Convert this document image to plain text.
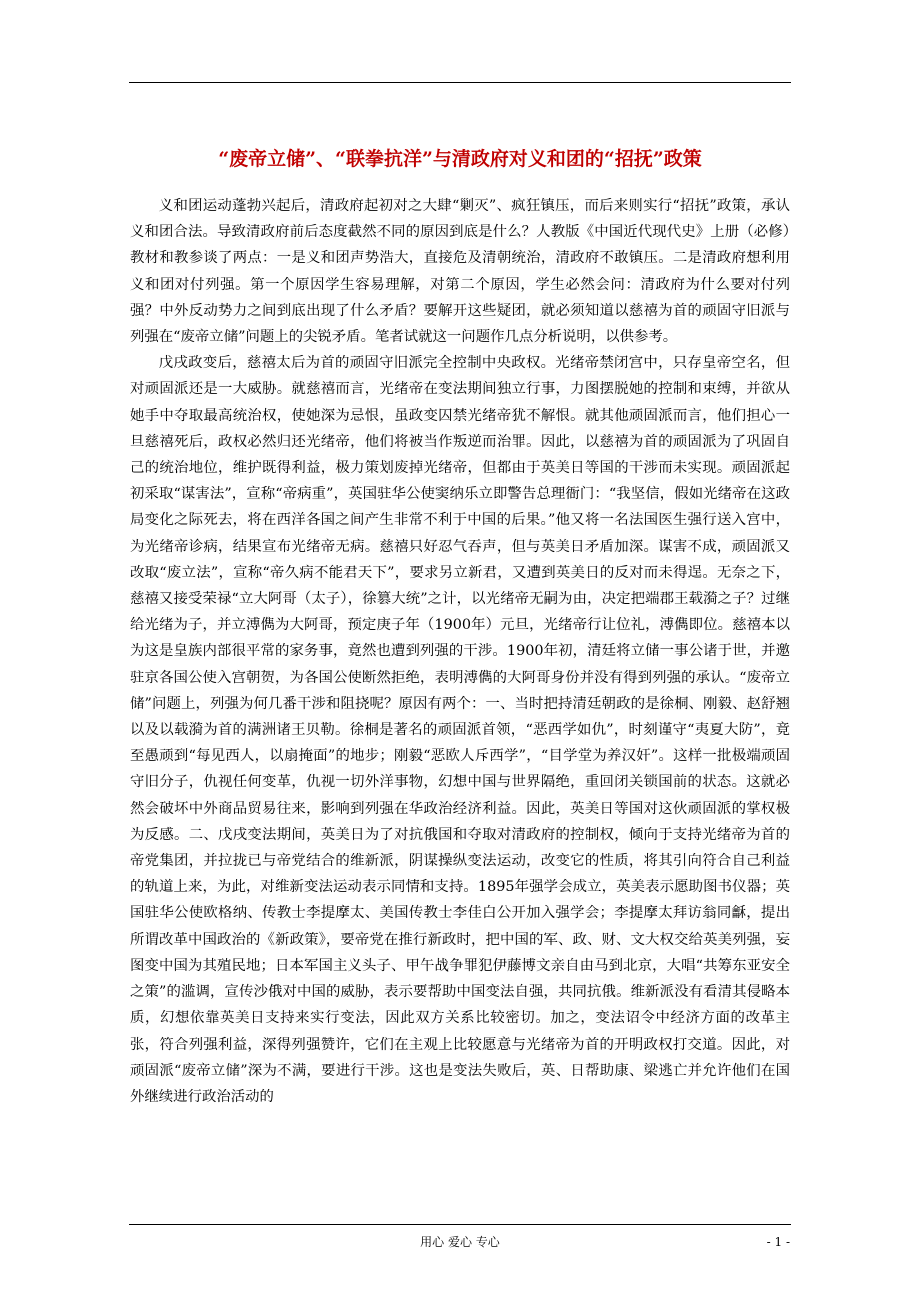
“废帝立储”、“联拳抗洋”与清政府对义和团的“招抚”政策

义和团运动蓬勃兴起后，清政府起初对之大肆“剿灭”、疯狂镇压，而后来则实行“招抚”政策，承认义和团合法。导致清政府前后态度截然不同的原因到底是什么？人教版《中国近代现代史》上册（必修）教材和教参谈了两点：一是义和团声势浩大，直接危及清朝统治，清政府不敢镇压。二是清政府想利用义和团对付列强。第一个原因学生容易理解，对第二个原因，学生必然会问：清政府为什么要对付列强？中外反动势力之间到底出现了什么矛盾？要解开这些疑团，就必须知道以慈禧为首的顽固守旧派与列强在“废帝立储”问题上的尖锐矛盾。笔者试就这一问题作几点分析说明，以供参考。

戊戌政变后，慈禧太后为首的顽固守旧派完全控制中央政权。光绪帝禁闭宫中，只存皇帝空名，但对顽固派还是一大威胁。就慈禧而言，光绪帝在变法期间独立行事，力图摆脱她的控制和束缚，并欲从她手中夺取最高统治权，使她深为忌恨，虽政变囚禁光绪帝犹不解恨。就其他顽固派而言，他们担心一旦慈禧死后，政权必然归还光绪帝，他们将被当作叛逆而治罪。因此，以慈禧为首的顽固派为了巩固自己的统治地位，维护既得利益，极力策划废掉光绪帝，但都由于英美日等国的干涉而未实现。顽固派起初采取“谋害法”，宣称“帝病重”，英国驻华公使窦纳乐立即警告总理衙门：“我坚信，假如光绪帝在这政局变化之际死去，将在西洋各国之间产生非常不利于中国的后果。”他又将一名法国医生强行送入宫中，为光绪帝诊病，结果宣布光绪帝无病。慈禧只好忍气吞声，但与英美日矛盾加深。谋害不成，顽固派又改取“废立法”，宣称“帝久病不能君天下”，要求另立新君，又遭到英美日的反对而未得逞。无奈之下，慈禧又接受荣禄“立大阿哥（太子），徐篡大统”之计，以光绪帝无嗣为由，决定把端郡王载漪之子？过继给光绪为子，并立溥儁为大阿哥，预定庚子年（1900年）元旦，光绪帝行让位礼，溥儁即位。慈禧本以为这是皇族内部很平常的家务事，竟然也遭到列强的干涉。1900年初，清廷将立储一事公诸于世，并邀驻京各国公使入宫朝贺，为各国公使断然拒绝，表明溥儁的大阿哥身份并没有得到列强的承认。“废帝立储”问题上，列强为何几番干涉和阻挠呢？原因有两个：一、当时把持清廷朝政的是徐桐、刚毅、赵舒翘以及以载漪为首的满洲诸王贝勒。徐桐是著名的顽固派首领，“恶西学如仇”，时刻谨守“夷夏大防”，竟至愚顽到“每见西人，以扇掩面”的地步；刚毅“恶欧人斥西学”，“目学堂为养汉奸”。这样一批极端顽固守旧分子，仇视任何变革，仇视一切外洋事物，幻想中国与世界隔绝，重回闭关锁国前的状态。这就必然会破坏中外商品贸易往来，影响到列强在华政治经济利益。因此，英美日等国对这伙顽固派的掌权极为反感。二、戊戌变法期间，英美日为了对抗俄国和夺取对清政府的控制权，倾向于支持光绪帝为首的帝党集团，并拉拢已与帝党结合的维新派，阴谋操纵变法运动，改变它的性质，将其引向符合自己利益的轨道上来，为此，对维新变法运动表示同情和支持。1895年强学会成立，英美表示愿助图书仪器；英国驻华公使欧格纳、传教士李提摩太、美国传教士李佳白公开加入强学会；李提摩太拜访翁同龢，提出所谓改革中国政治的《新政策》，要帝党在推行新政时，把中国的军、政、财、文大权交给英美列强，妄图变中国为其殖民地；日本军国主义头子、甲午战争罪犯伊藤博文亲自由马到北京，大唱“共筹东亚安全之策”的滥调，宣传沙俄对中国的威胁，表示要帮助中国变法自强，共同抗俄。维新派没有看清其侵略本质，幻想依靠英美日支持来实行变法，因此双方关系比较密切。加之，变法诏令中经济方面的改革主张，符合列强利益，深得列强赞许，它们在主观上比较愿意与光绪帝为首的开明政权打交道。因此，对顽固派“废帝立储”深为不满，要进行干涉。这也是变法失败后，英、日帮助康、梁逃亡并允许他们在国外继续进行政治活动的

用心 爱心 专心	- 1 -
